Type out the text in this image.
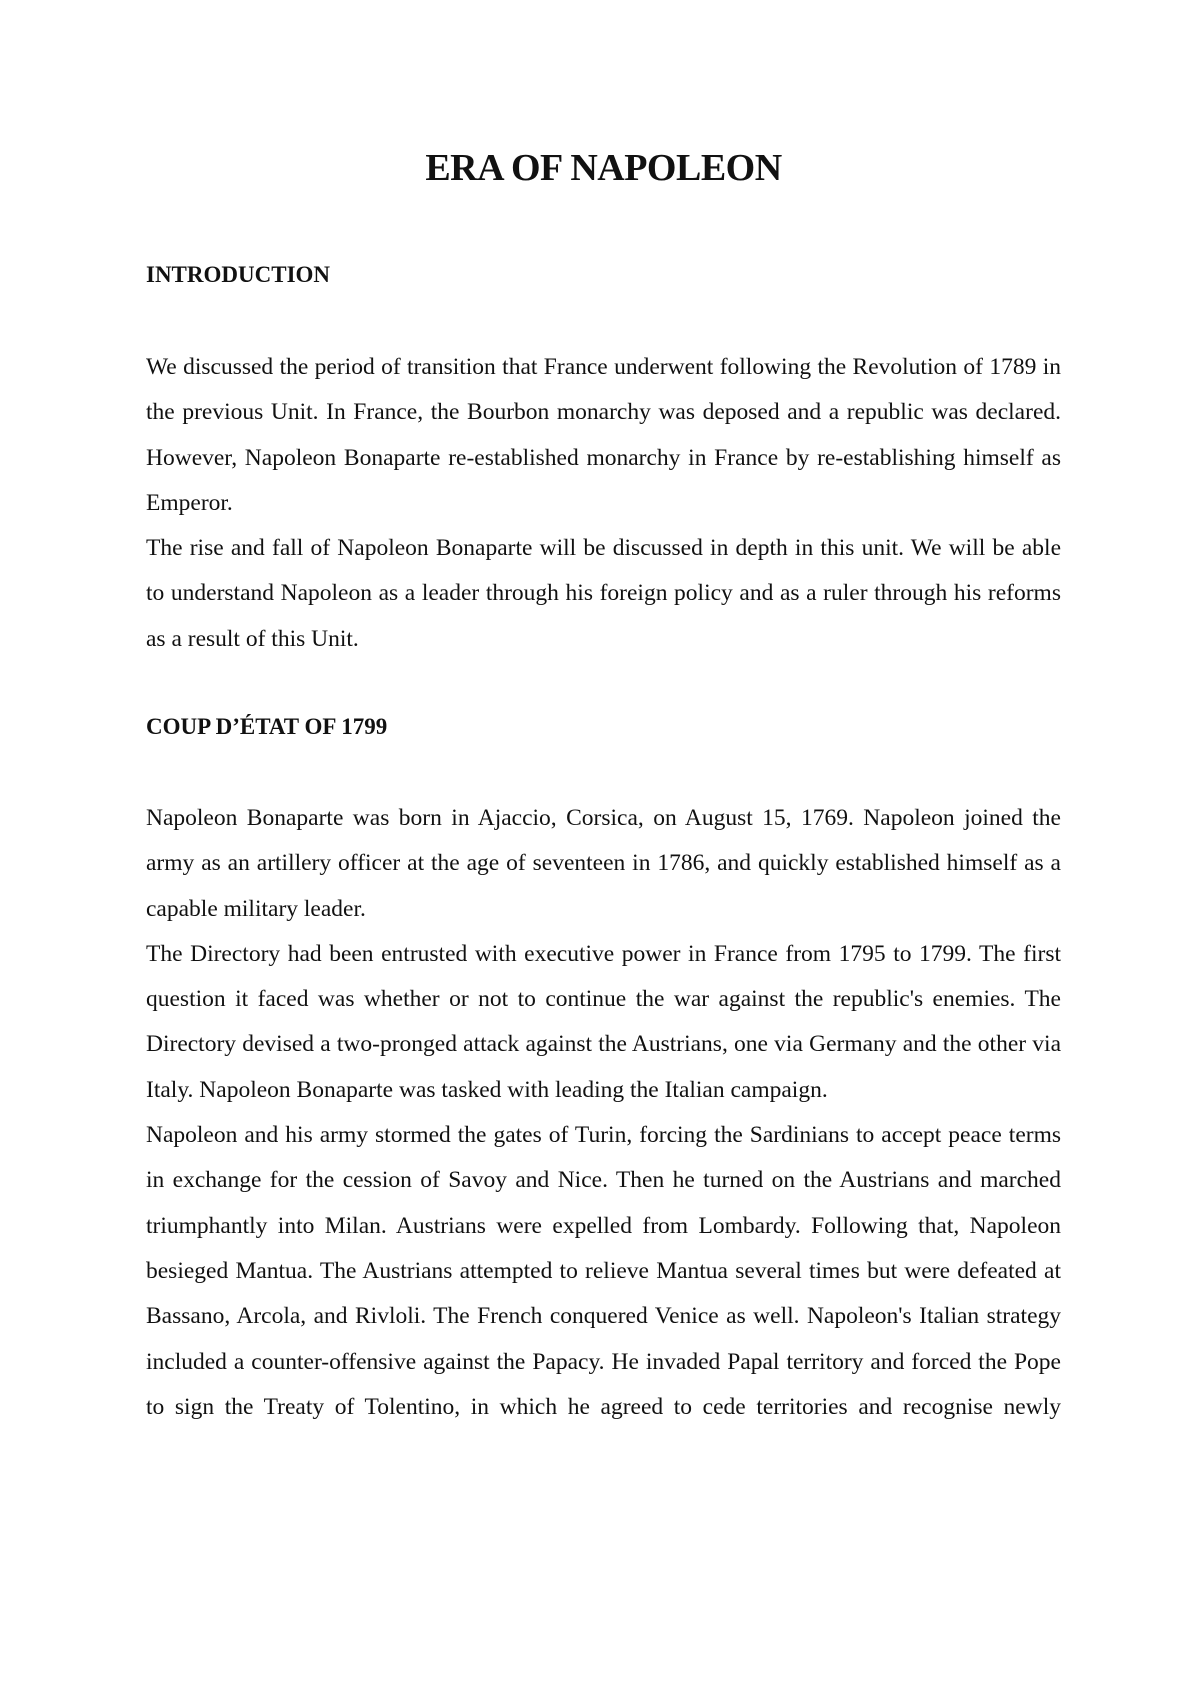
ERA OF NAPOLEON
INTRODUCTION

We discussed the period of transition that France underwent following the Revolution of 1789 in the previous Unit. In France, the Bourbon monarchy was deposed and a republic was declared. However, Napoleon Bonaparte re-established monarchy in France by re-establishing himself as Emperor.

The rise and fall of Napoleon Bonaparte will be discussed in depth in this unit. We will be able to understand Napoleon as a leader through his foreign policy and as a ruler through his reforms as a result of this Unit.

COUP D’ÉTAT OF 1799

Napoleon Bonaparte was born in Ajaccio, Corsica, on August 15, 1769. Napoleon joined the army as an artillery officer at the age of seventeen in 1786, and quickly established himself as a capable military leader.

The Directory had been entrusted with executive power in France from 1795 to 1799. The first question it faced was whether or not to continue the war against the republic's enemies. The Directory devised a two-pronged attack against the Austrians, one via Germany and the other via Italy. Napoleon Bonaparte was tasked with leading the Italian campaign.

Napoleon and his army stormed the gates of Turin, forcing the Sardinians to accept peace terms in exchange for the cession of Savoy and Nice. Then he turned on the Austrians and marched triumphantly into Milan. Austrians were expelled from Lombardy. Following that, Napoleon besieged Mantua. The Austrians attempted to relieve Mantua several times but were defeated at Bassano, Arcola, and Rivloli. The French conquered Venice as well. Napoleon's Italian strategy included a counter-offensive against the Papacy. He invaded Papal territory and forced the Pope to sign the Treaty of Tolentino, in which he agreed to cede territories and recognise newly
